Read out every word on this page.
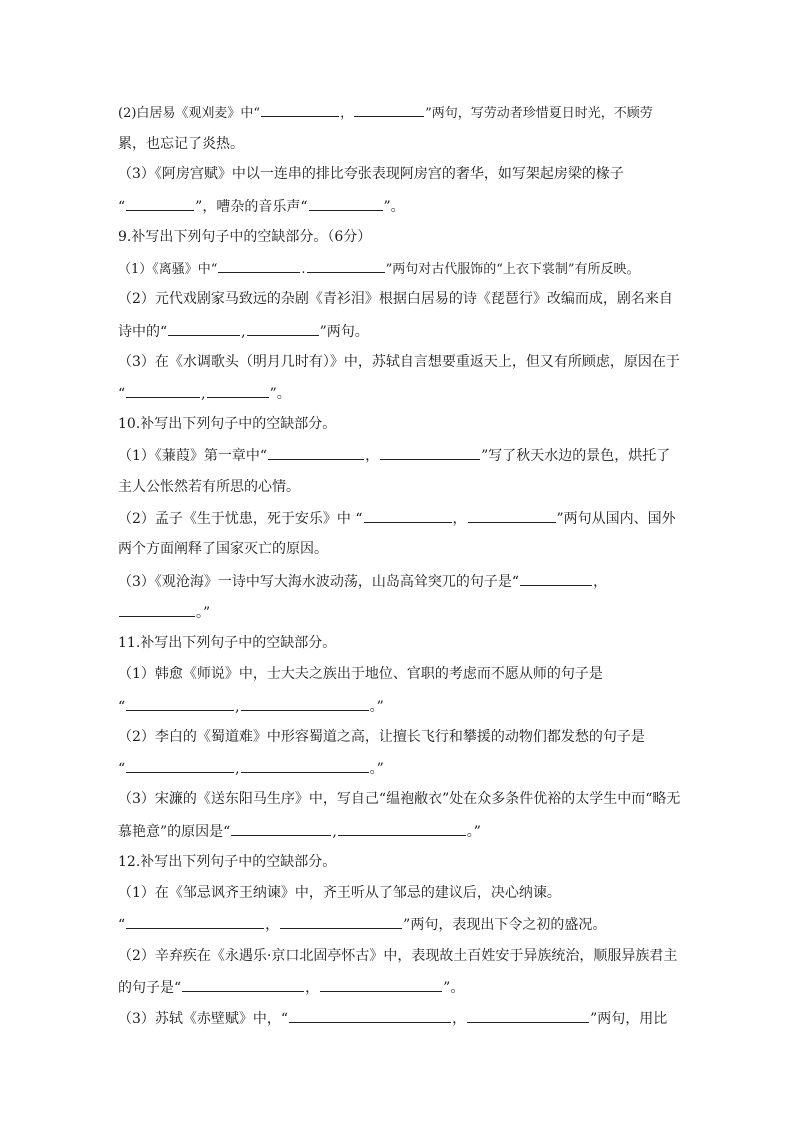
(2)白居易《观刈麦》中“	，	”两句，写劳动者珍惜夏日时光，不顾劳
累，也忘记了炎热。
（3）《阿房宫赋》中以一连串的排比夸张表现阿房宫的奢华，如写架起房梁的椽子
“	”，嘈杂的音乐声“	”。
9.补写出下列句子中的空缺部分。（6分）
（1）《离骚》中“	.	”两句对古代服饰的“上衣下裳制”有所反映。
（2）元代戏剧家马致远的杂剧《青衫泪》根据白居易的诗《琵琶行》改编而成，剧名来自
诗中的“	,	”两句。
（3）在《水调歌头（明月几时有）》中，苏轼自言想要重返天上，但又有所顾虑，原因在于
“	,	”。
10.补写出下列句子中的空缺部分。
（1）《蒹葭》第一章中“	，	”写了秋天水边的景色，烘托了
主人公怅然若有所思的心情。
（2）孟子《生于忧患，死于安乐》中 “	，	”两句从国内、国外
两个方面阐释了国家灭亡的原因。
（3）《观沧海》一诗中写大海水波动荡，山岛高耸突兀的句子是“	，
。”
11.补写出下列句子中的空缺部分。
（1）韩愈《师说》中，士大夫之族出于地位、官职的考虑而不愿从师的句子是
“	,	。”
（2）李白的《蜀道难》中形容蜀道之高，让擅长飞行和攀援的动物们都发愁的句子是
“	,	。”
（3）宋濂的《送东阳马生序》中，写自己“缊袍敝衣”处在众多条件优裕的太学生中而“略无
慕艳意”的原因是“	,	。”
12.补写出下列句子中的空缺部分。
（1）在《邹忌讽齐王纳谏》中，齐王听从了邹忌的建议后，决心纳谏。
“	，	”两句，表现出下令之初的盛况。
（2）辛弃疾在《永遇乐·京口北固亭怀古》中，表现故土百姓安于异族统治，顺服异族君主
的句子是“	，	”。
（3）苏轼《赤壁赋》中，“	，	”两句，用比
